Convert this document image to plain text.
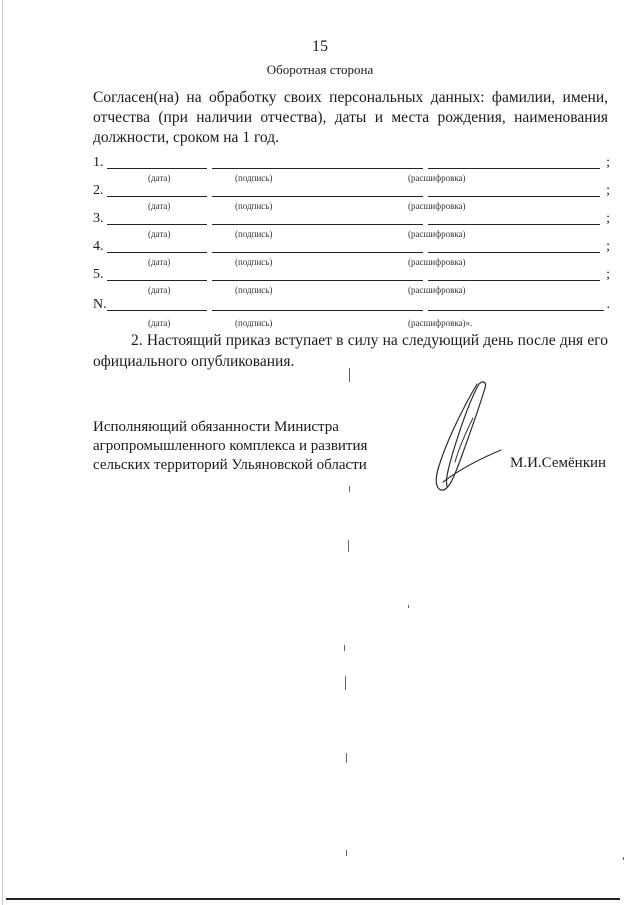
15
Оборотная сторона

Согласен(на) на обработку своих персональных данных: фамилии, имени, отчества (при наличии отчества), даты и места рождения, наименования должности, сроком на 1 год.

1.	;
(дата)	(подпись)	(расшифровка)
2.	;
(дата)	(подпись)	(расшифровка)
3.	;
(дата)	(подпись)	(расшифровка)
4.	;
(дата)	(подпись)	(расшифровка)
5.	;
(дата)	(подпись)	(расшифровка)
N.	.
(дата)	(подпись)	(расшифровка)».

2. Настоящий приказ вступает в силу на следующий день после дня его официального опубликования.

Исполняющий обязанности Министра
агропромышленного комплекса и развития
сельских территорий Ульяновской области	М.И.Семёнкин
